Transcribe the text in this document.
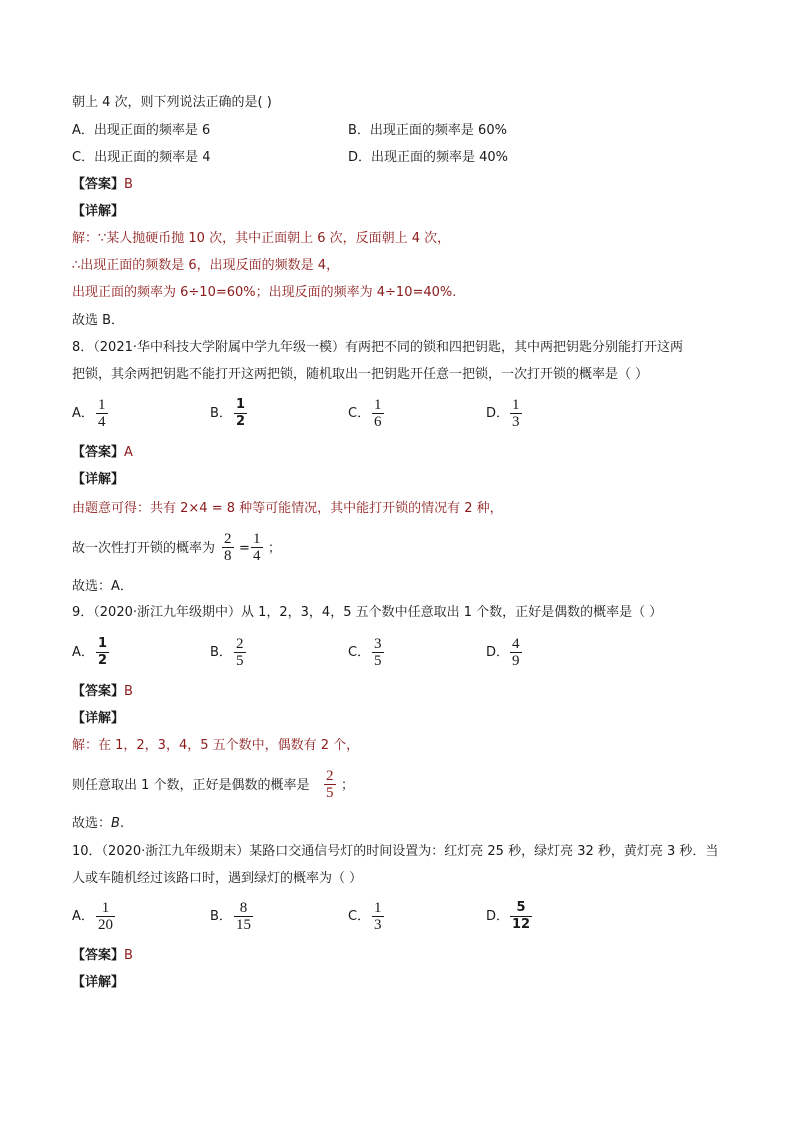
朝上 4 次，则下列说法正确的是( )
A．出现正面的频率是 6	B．出现正面的频率是 60%
C．出现正面的频率是 4	D．出现正面的频率是 40%
【答案】B
【详解】
解：∵某人抛硬币抛 10 次，其中正面朝上 6 次，反面朝上 4 次，
∴出现正面的频数是 6，出现反面的频数是 4，
出现正面的频率为 6÷10=60%；出现反面的频率为 4÷10=40%.
故选 B．
8．（2021·华中科技大学附属中学九年级一模）有两把不同的锁和四把钥匙，其中两把钥匙分别能打开这两
把锁，其余两把钥匙不能打开这两把锁，随机取出一把钥匙开任意一把锁，一次打开锁的概率是（ ）
A． $\frac{1}{4}$	B． $\frac{1}{2}$	C． $\frac{1}{6}$	D． $\frac{1}{3}$
【答案】A
【详解】
由题意可得：共有 2×4 = 8 种等可能情况，其中能打开锁的情况有 2 种，
故一次性打开锁的概率为 $\frac{2}{8} = \frac{1}{4}$ ；
故选：A．
9．（2020·浙江九年级期中）从 1，2，3，4，5 五个数中任意取出 1 个数，正好是偶数的概率是（ ）
A． $\frac{1}{2}$	B． $\frac{2}{5}$	C． $\frac{3}{5}$	D． $\frac{4}{9}$
【答案】B
【详解】
解：在 1，2，3，4，5 五个数中，偶数有 2 个，
则任意取出 1 个数，正好是偶数的概率是 $\frac{2}{5}$ ；
故选：B.
10．（2020·浙江九年级期末）某路口交通信号灯的时间设置为：红灯亮 25 秒，绿灯亮 32 秒，黄灯亮 3 秒．当
人或车随机经过该路口时，遇到绿灯的概率为（ ）
A． $\frac{1}{20}$	B． $\frac{8}{15}$	C． $\frac{1}{3}$	D． $\frac{5}{12}$
【答案】B
【详解】
